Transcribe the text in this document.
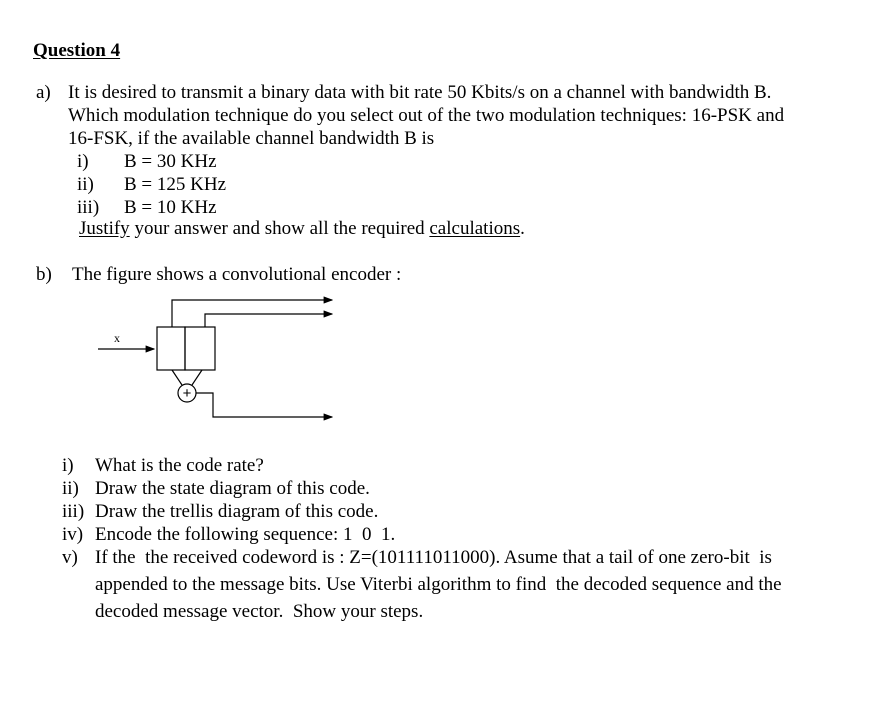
Question 4
a) It is desired to transmit a binary data with bit rate 50 Kbits/s on a channel with bandwidth B.
Which modulation technique do you select out of the two modulation techniques: 16-PSK and
16-FSK, if the available channel bandwidth B is
i) B = 30 KHz
ii) B = 125 KHz
iii) B = 10 KHz
Justify your answer and show all the required calculations.
b) The figure shows a convolutional encoder :
x
+
i) What is the code rate?
ii) Draw the state diagram of this code.
iii) Draw the trellis diagram of this code.
iv) Encode the following sequence: 1  0  1.
v) If the  the received codeword is : Z=(101111011000). Asume that a tail of one zero-bit  is
appended to the message bits. Use Viterbi algorithm to find  the decoded sequence and the
decoded message vector.  Show your steps.
